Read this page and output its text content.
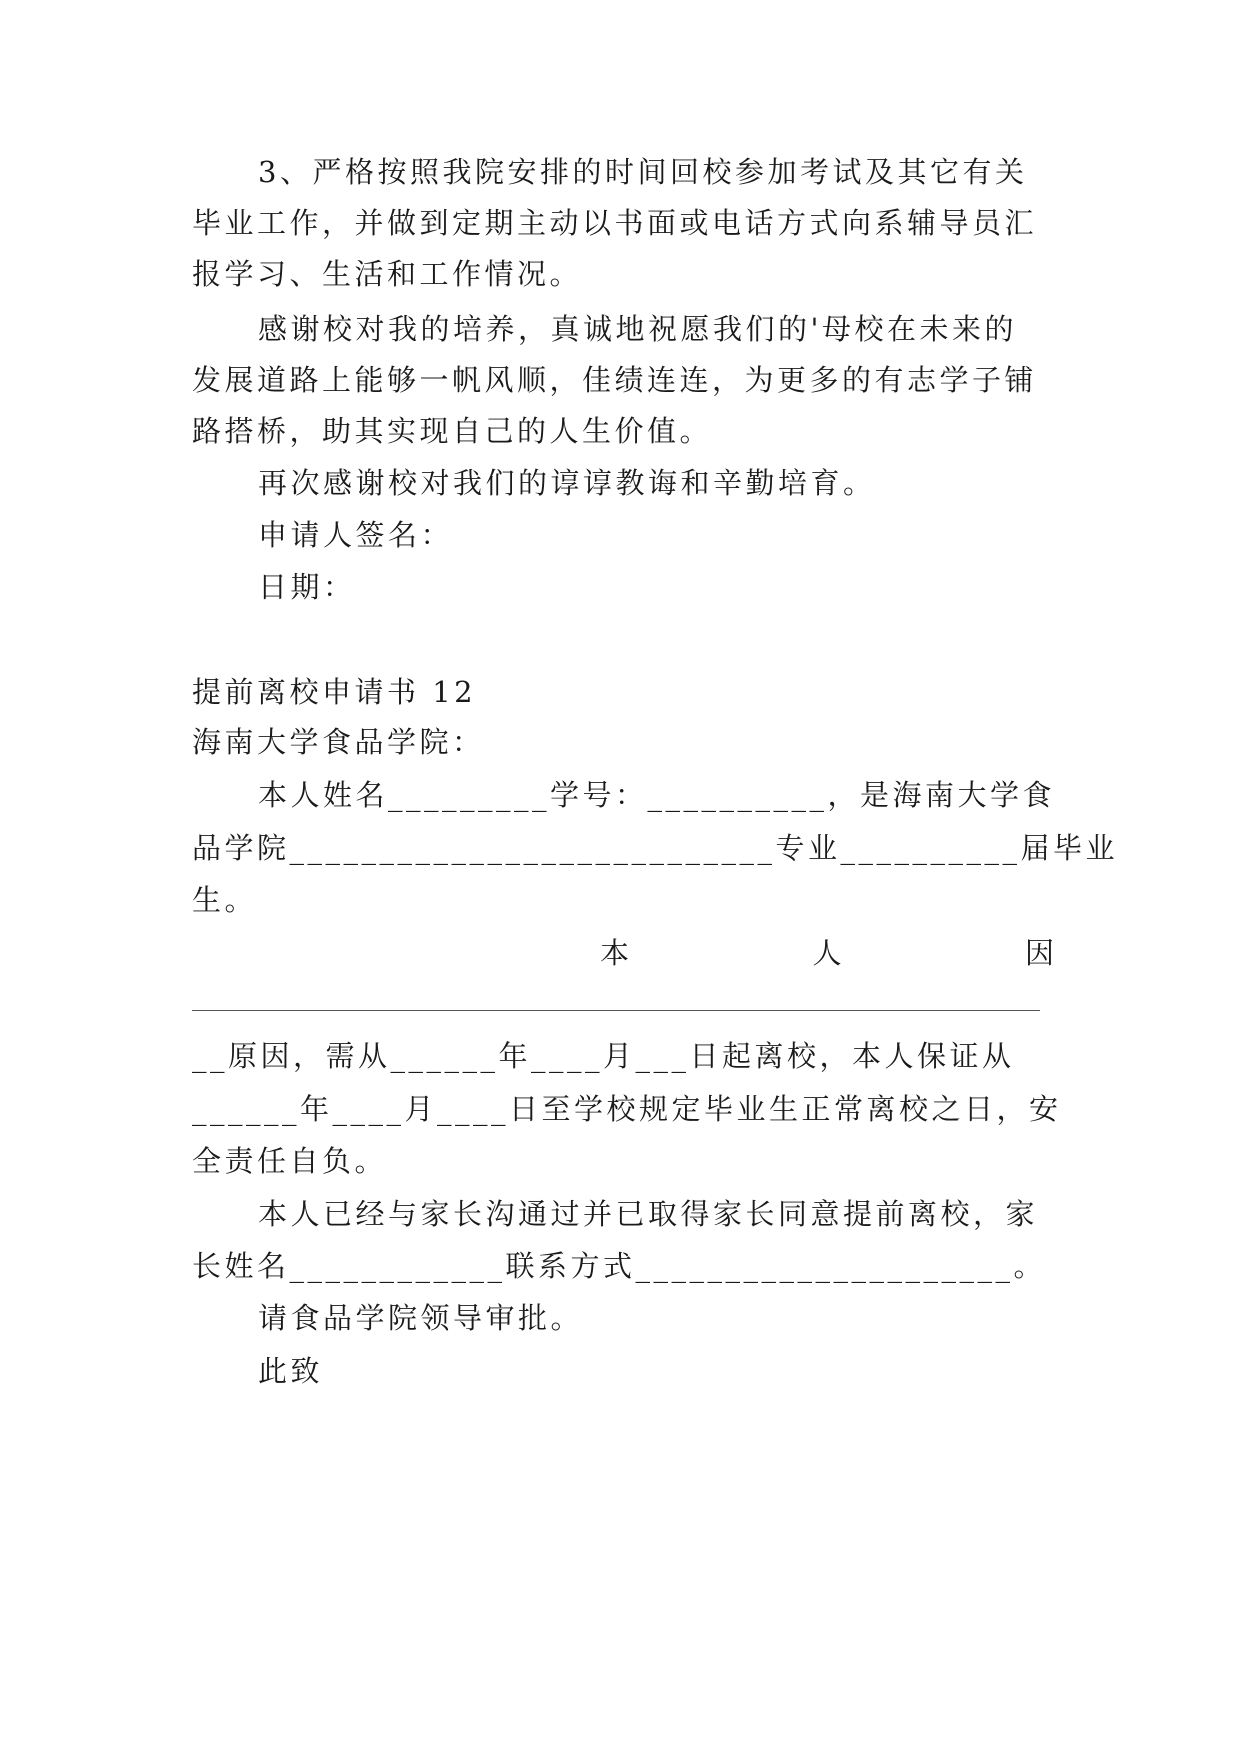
3、严格按照我院安排的时间回校参加考试及其它有关
毕业工作，并做到定期主动以书面或电话方式向系辅导员汇
报学习、生活和工作情况。
感谢校对我的培养，真诚地祝愿我们的'母校在未来的
发展道路上能够一帆风顺，佳绩连连，为更多的有志学子铺
路搭桥，助其实现自己的人生价值。
再次感谢校对我们的谆谆教诲和辛勤培育。
申请人签名：
日期：
提前离校申请书 12
海南大学食品学院：
本人姓名_________学号：__________，是海南大学食
品学院___________________________专业__________届毕业
生。
本	人	因
__原因，需从______年____月___日起离校，本人保证从
______年____月____日至学校规定毕业生正常离校之日，安
全责任自负。
本人已经与家长沟通过并已取得家长同意提前离校，家
长姓名____________联系方式_____________________。
请食品学院领导审批。
此致
